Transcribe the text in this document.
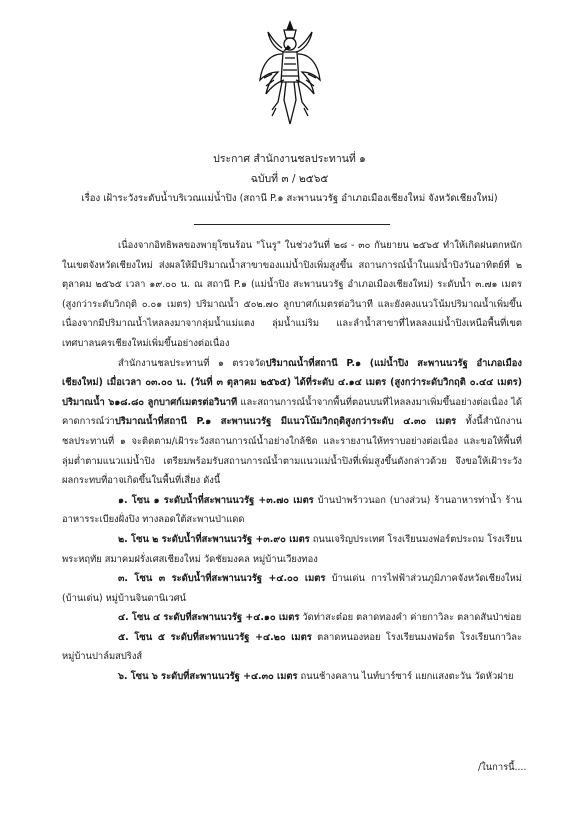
ประกาศ สำนักงานชลประทานที่ ๑
ฉบับที่ ๓ / ๒๕๖๕
เรื่อง เฝ้าระวังระดับน้ำบริเวณแม่น้ำปิง (สถานี P.๑ สะพานนวรัฐ อำเภอเมืองเชียงใหม่ จังหวัดเชียงใหม่)

เนื่องจากอิทธิพลของพายุโซนร้อน "โนรู" ในช่วงวันที่ ๒๘ - ๓๐ กันยายน ๒๕๖๕ ทำให้เกิดฝนตกหนักในเขตจังหวัดเชียงใหม่ ส่งผลให้มีปริมาณน้ำสาขาของแม่น้ำปิงเพิ่มสูงขึ้น สถานการณ์น้ำในแม่น้ำปิงวันอาทิตย์ที่ ๒ ตุลาคม ๒๕๖๕ เวลา ๑๙.๐๐ น. ณ สถานี P.๑ (แม่น้ำปิง สะพานนวรัฐ อำเภอเมืองเชียงใหม่) ระดับน้ำ ๓.๗๑ เมตร (สูงกว่าระดับวิกฤติ ๐.๐๑ เมตร) ปริมาณน้ำ ๕๐๒.๗๐ ลูกบาศก์เมตรต่อวินาที และยังคงแนวโน้มปริมาณน้ำเพิ่มขึ้น เนื่องจากมีปริมาณน้ำไหลลงมาจากลุ่มน้ำแม่แตง ลุ่มน้ำแม่ริม และลำน้ำสาขาที่ไหลลงแม่น้ำปิงเหนือพื้นที่เขตเทศบาลนครเชียงใหม่เพิ่มขึ้นอย่างต่อเนื่อง

สำนักงานชลประทานที่ ๑ ตรวจวัดปริมาณน้ำที่สถานี P.๑ (แม่น้ำปิง สะพานนวรัฐ อำเภอเมืองเชียงใหม่) เมื่อเวลา ๐๓.๐๐ น. (วันที่ ๓ ตุลาคม ๒๕๖๕) ได้ที่ระดับ ๔.๑๔ เมตร (สูงกว่าระดับวิกฤติ ๐.๔๔ เมตร) ปริมาณน้ำ ๖๑๘.๘๐ ลูกบาศก์เมตรต่อวินาที และสถานการณ์น้ำจากพื้นที่ตอนบนที่ไหลลงมาเพิ่มขึ้นอย่างต่อเนื่อง ได้คาดการณ์ว่าปริมาณน้ำที่สถานี P.๑ สะพานนวรัฐ มีแนวโน้มวิกฤติสูงกว่าระดับ ๔.๓๐ เมตร ทั้งนี้สำนักงานชลประทานที่ ๑ จะติดตาม/เฝ้าระวังสถานการณ์น้ำอย่างใกล้ชิด และรายงานให้ทราบอย่างต่อเนื่อง และขอให้พื้นที่ลุ่มต่ำตามแนวแม่น้ำปิง เตรียมพร้อมรับสถานการณ์น้ำตามแนวแม่น้ำปิงที่เพิ่มสูงขึ้นดังกล่าวด้วย จึงขอให้เฝ้าระวังผลกระทบที่อาจเกิดขึ้นในพื้นที่เสี่ยง ดังนี้

๑. โซน ๑ ระดับน้ำที่สะพานนวรัฐ +๓.๗๐ เมตร บ้านป่าพร้าวนอก (บางส่วน) ร้านอาหารท่าน้ำ ร้านอาหารระเบียงฝั่งปิง ทางลอดใต้สะพานป่าแดด

๒. โซน ๒ ระดับน้ำที่สะพานนวรัฐ +๓.๙๐ เมตร ถนนเจริญประเทศ โรงเรียนมงฟอร์ตประถม โรงเรียนพระหฤทัย สมาคมฝรั่งเศสเชียงใหม่ วัดชัยมงคล หมู่บ้านเวียงทอง

๓. โซน ๓ ระดับน้ำที่สะพานนวรัฐ +๔.๐๐ เมตร บ้านเด่น การไฟฟ้าส่วนภูมิภาคจังหวัดเชียงใหม่ (บ้านเด่น) หมู่บ้านจินดานิเวศน์

๔. โซน ๔ ระดับที่สะพานนวรัฐ +๔.๑๐ เมตร วัดท่าสะต๋อย ตลาดทองคำ ค่ายกาวิละ ตลาดสันป่าข่อย

๕. โซน ๕ ระดับที่สะพานนวรัฐ +๔.๒๐ เมตร ตลาดหนองหอย โรงเรียนมงฟอร์ต โรงเรียนกาวิละ หมู่บ้านปาล์มสปริงส์

๖. โซน ๖ ระดับที่สะพานนวรัฐ +๔.๓๐ เมตร ถนนช้างคลาน ไนท์บาร์ซาร์ แยกแสงตะวัน วัดหัวฝาย

/ในการนี้....
